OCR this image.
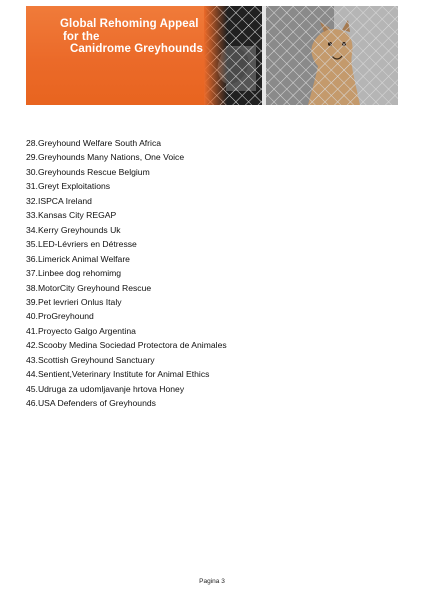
Global Rehoming Appeal
for the
Canidrome Greyhounds
28.Greyhound Welfare South Africa
29.Greyhounds Many Nations, One Voice
30.Greyhounds Rescue Belgium
31.Greyt Exploitations
32.ISPCA Ireland
33.Kansas City REGAP
34.Kerry Greyhounds Uk
35.LED-Lévriers en Détresse
36.Limerick Animal Welfare
37.Linbee dog rehomimg
38.MotorCity Greyhound Rescue
39.Pet levrieri Onlus Italy
40.ProGreyhound
41.Proyecto Galgo Argentina
42.Scooby Medina Sociedad Protectora de Animales
43.Scottish Greyhound Sanctuary
44.Sentient,Veterinary Institute for Animal Ethics
45.Udruga za udomljavanje hrtova Honey
46.USA Defenders of Greyhounds
Pagina 3
